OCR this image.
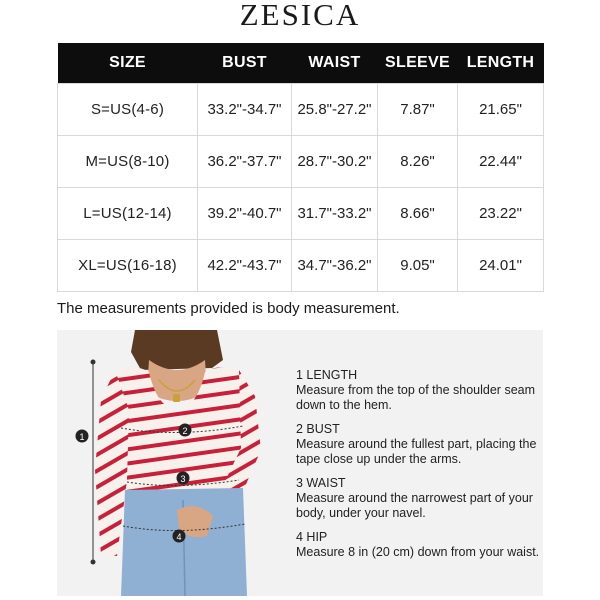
ZESICA
SIZE	BUST	WAIST	SLEEVE	LENGTH
S=US(4-6)	33.2"-34.7"	25.8"-27.2"	7.87"	21.65"
M=US(8-10)	36.2"-37.7"	28.7"-30.2"	8.26"	22.44"
L=US(12-14)	39.2"-40.7"	31.7"-33.2"	8.66"	23.22"
XL=US(16-18)	42.2"-43.7"	34.7"-36.2"	9.05"	24.01"
The measurements provided is body measurement.
1
2
3
4
1 LENGTH
Measure from the top of the shoulder seam down to the hem.
2 BUST
Measure around the fullest part, placing the tape close up under the arms.
3 WAIST
Measure around the narrowest part of your body, under your navel.
4 HIP
Measure 8 in (20 cm) down from your waist.
